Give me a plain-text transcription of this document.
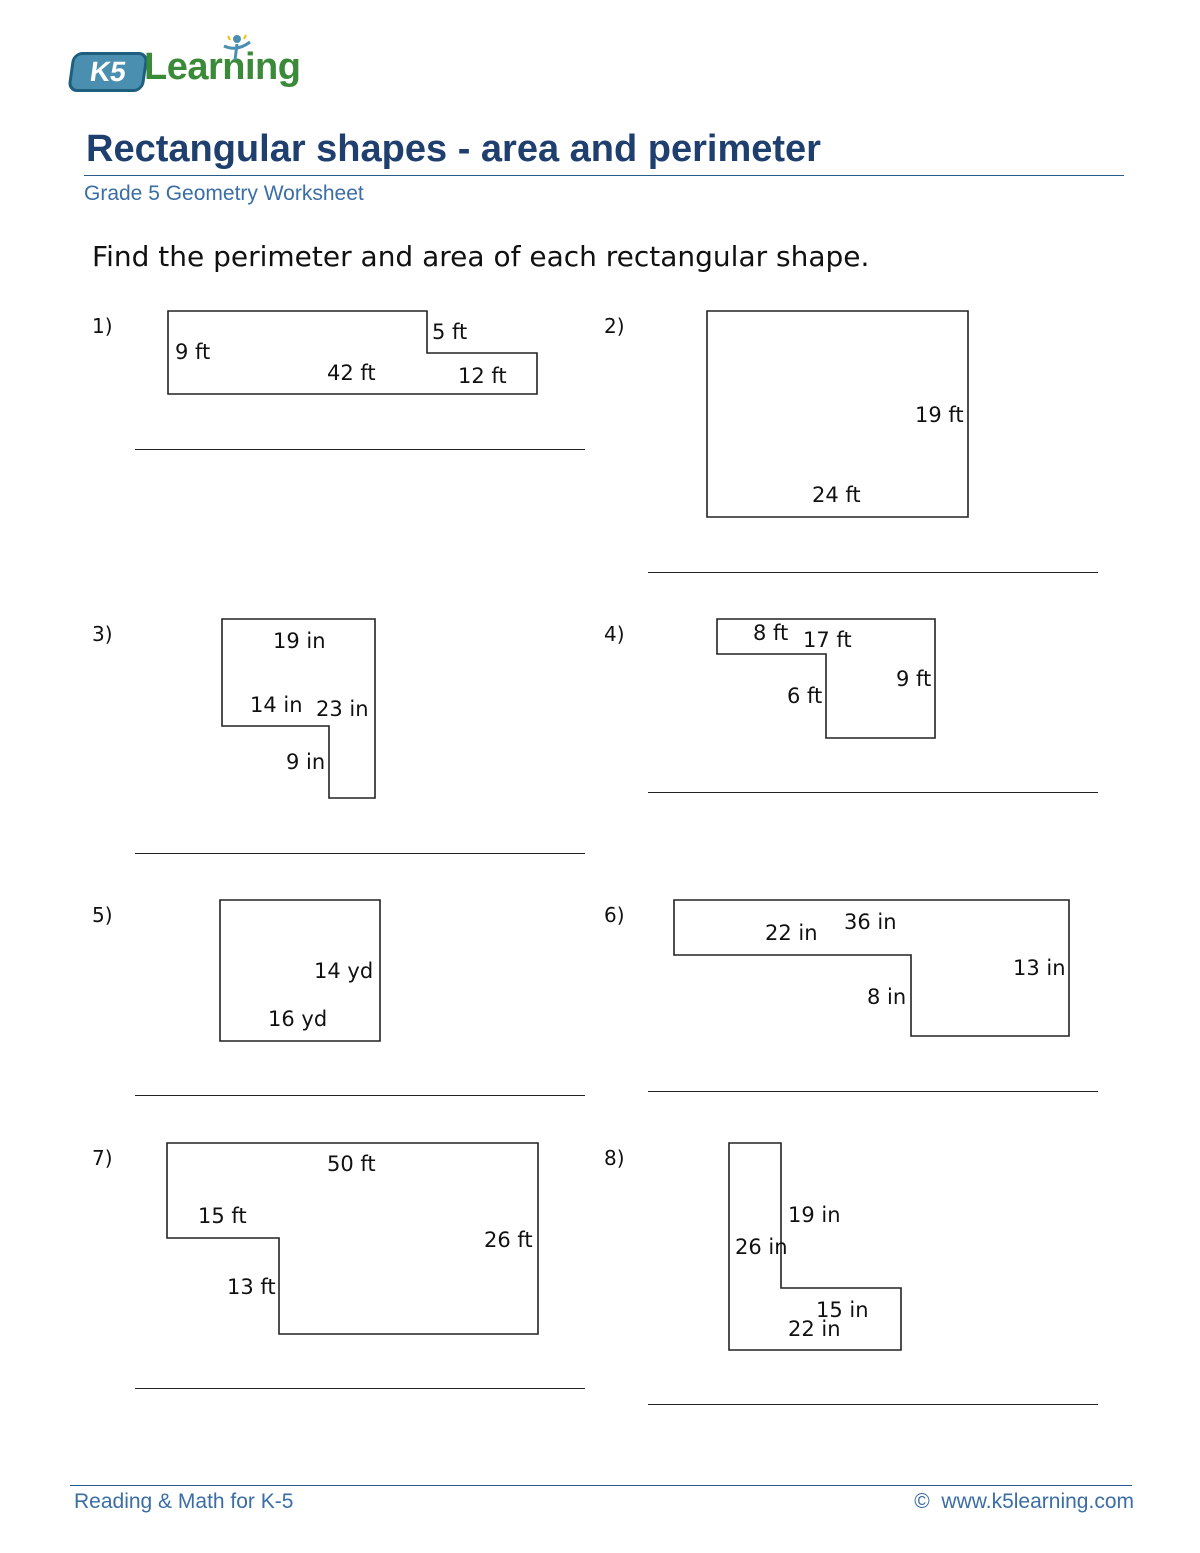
K5 Learning
Rectangular shapes - area and perimeter
Grade 5 Geometry Worksheet
Find the perimeter and area of each rectangular shape.
1)
9 ft
42 ft
5 ft
12 ft
2)
19 ft
24 ft
3)	19 in
14 in 23 in
9 in
4)	8 ft 17 ft
9 ft
6 ft
5)
14 yd
16 yd
6)
22 in 36 in
13 in
8 in
7)	50 ft
15 ft
26 ft
13 ft
8)
19 in
26 in
15 in
22 in
Reading & Math for K-5	© www.k5learning.com
